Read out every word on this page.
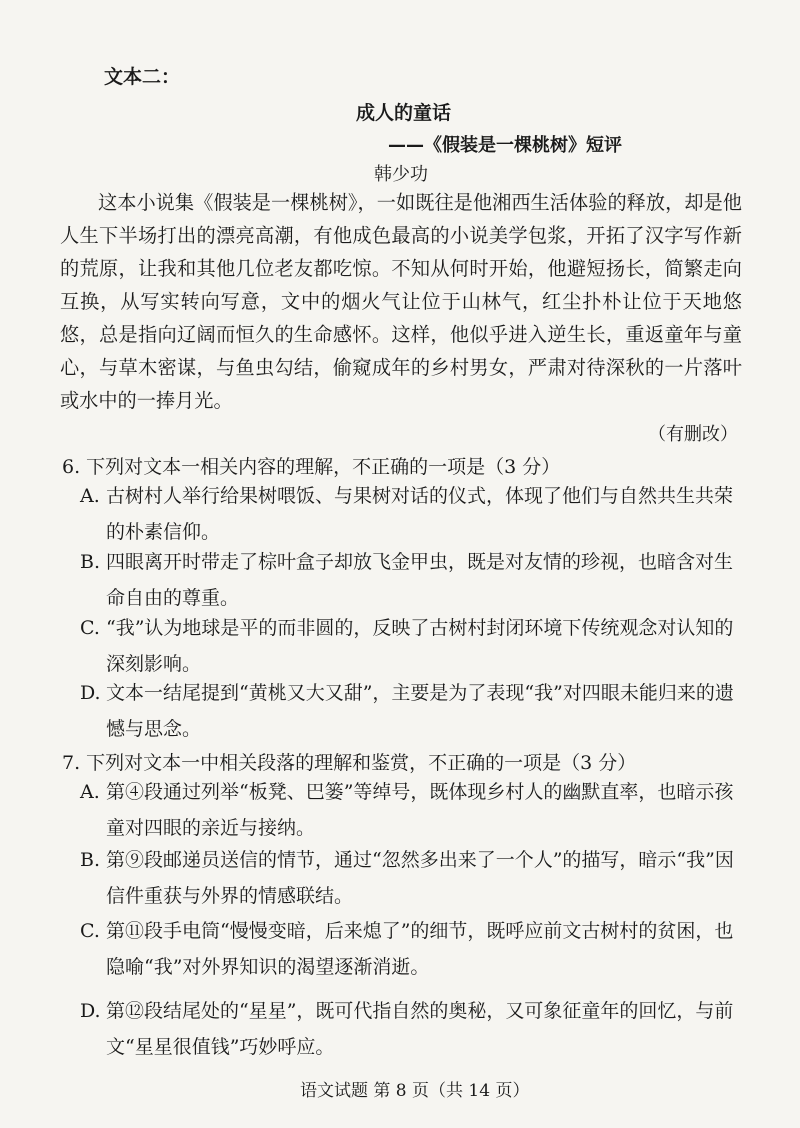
文本二：
成人的童话
——《假装是一棵桃树》短评
韩少功
这本小说集《假装是一棵桃树》，一如既往是他湘西生活体验的释放，却是他人生下半场打出的漂亮高潮，有他成色最高的小说美学包浆，开拓了汉字写作新的荒原，让我和其他几位老友都吃惊。不知从何时开始，他避短扬长，简繁走向互换，从写实转向写意，文中的烟火气让位于山林气，红尘扑朴让位于天地悠悠，总是指向辽阔而恒久的生命感怀。这样，他似乎进入逆生长，重返童年与童心，与草木密谋，与鱼虫勾结，偷窥成年的乡村男女，严肃对待深秋的一片落叶或水中的一捧月光。
（有删改）
6. 下列对文本一相关内容的理解，不正确的一项是（3 分）
A. 古树村人举行给果树喂饭、与果树对话的仪式，体现了他们与自然共生共荣的朴素信仰。
B. 四眼离开时带走了棕叶盒子却放飞金甲虫，既是对友情的珍视，也暗含对生命自由的尊重。
C. “我”认为地球是平的而非圆的，反映了古树村封闭环境下传统观念对认知的深刻影响。
D. 文本一结尾提到“黄桃又大又甜”，主要是为了表现“我”对四眼未能归来的遗憾与思念。
7. 下列对文本一中相关段落的理解和鉴赏，不正确的一项是（3 分）
A. 第④段通过列举“板凳、巴篓”等绰号，既体现乡村人的幽默直率，也暗示孩童对四眼的亲近与接纳。
B. 第⑨段邮递员送信的情节，通过“忽然多出来了一个人”的描写，暗示“我”因信件重获与外界的情感联结。
C. 第⑪段手电筒“慢慢变暗，后来熄了”的细节，既呼应前文古树村的贫困，也隐喻“我”对外界知识的渴望逐渐消逝。
D. 第⑫段结尾处的“星星”，既可代指自然的奥秘，又可象征童年的回忆，与前文“星星很值钱”巧妙呼应。
语文试题 第 8 页（共 14 页）
